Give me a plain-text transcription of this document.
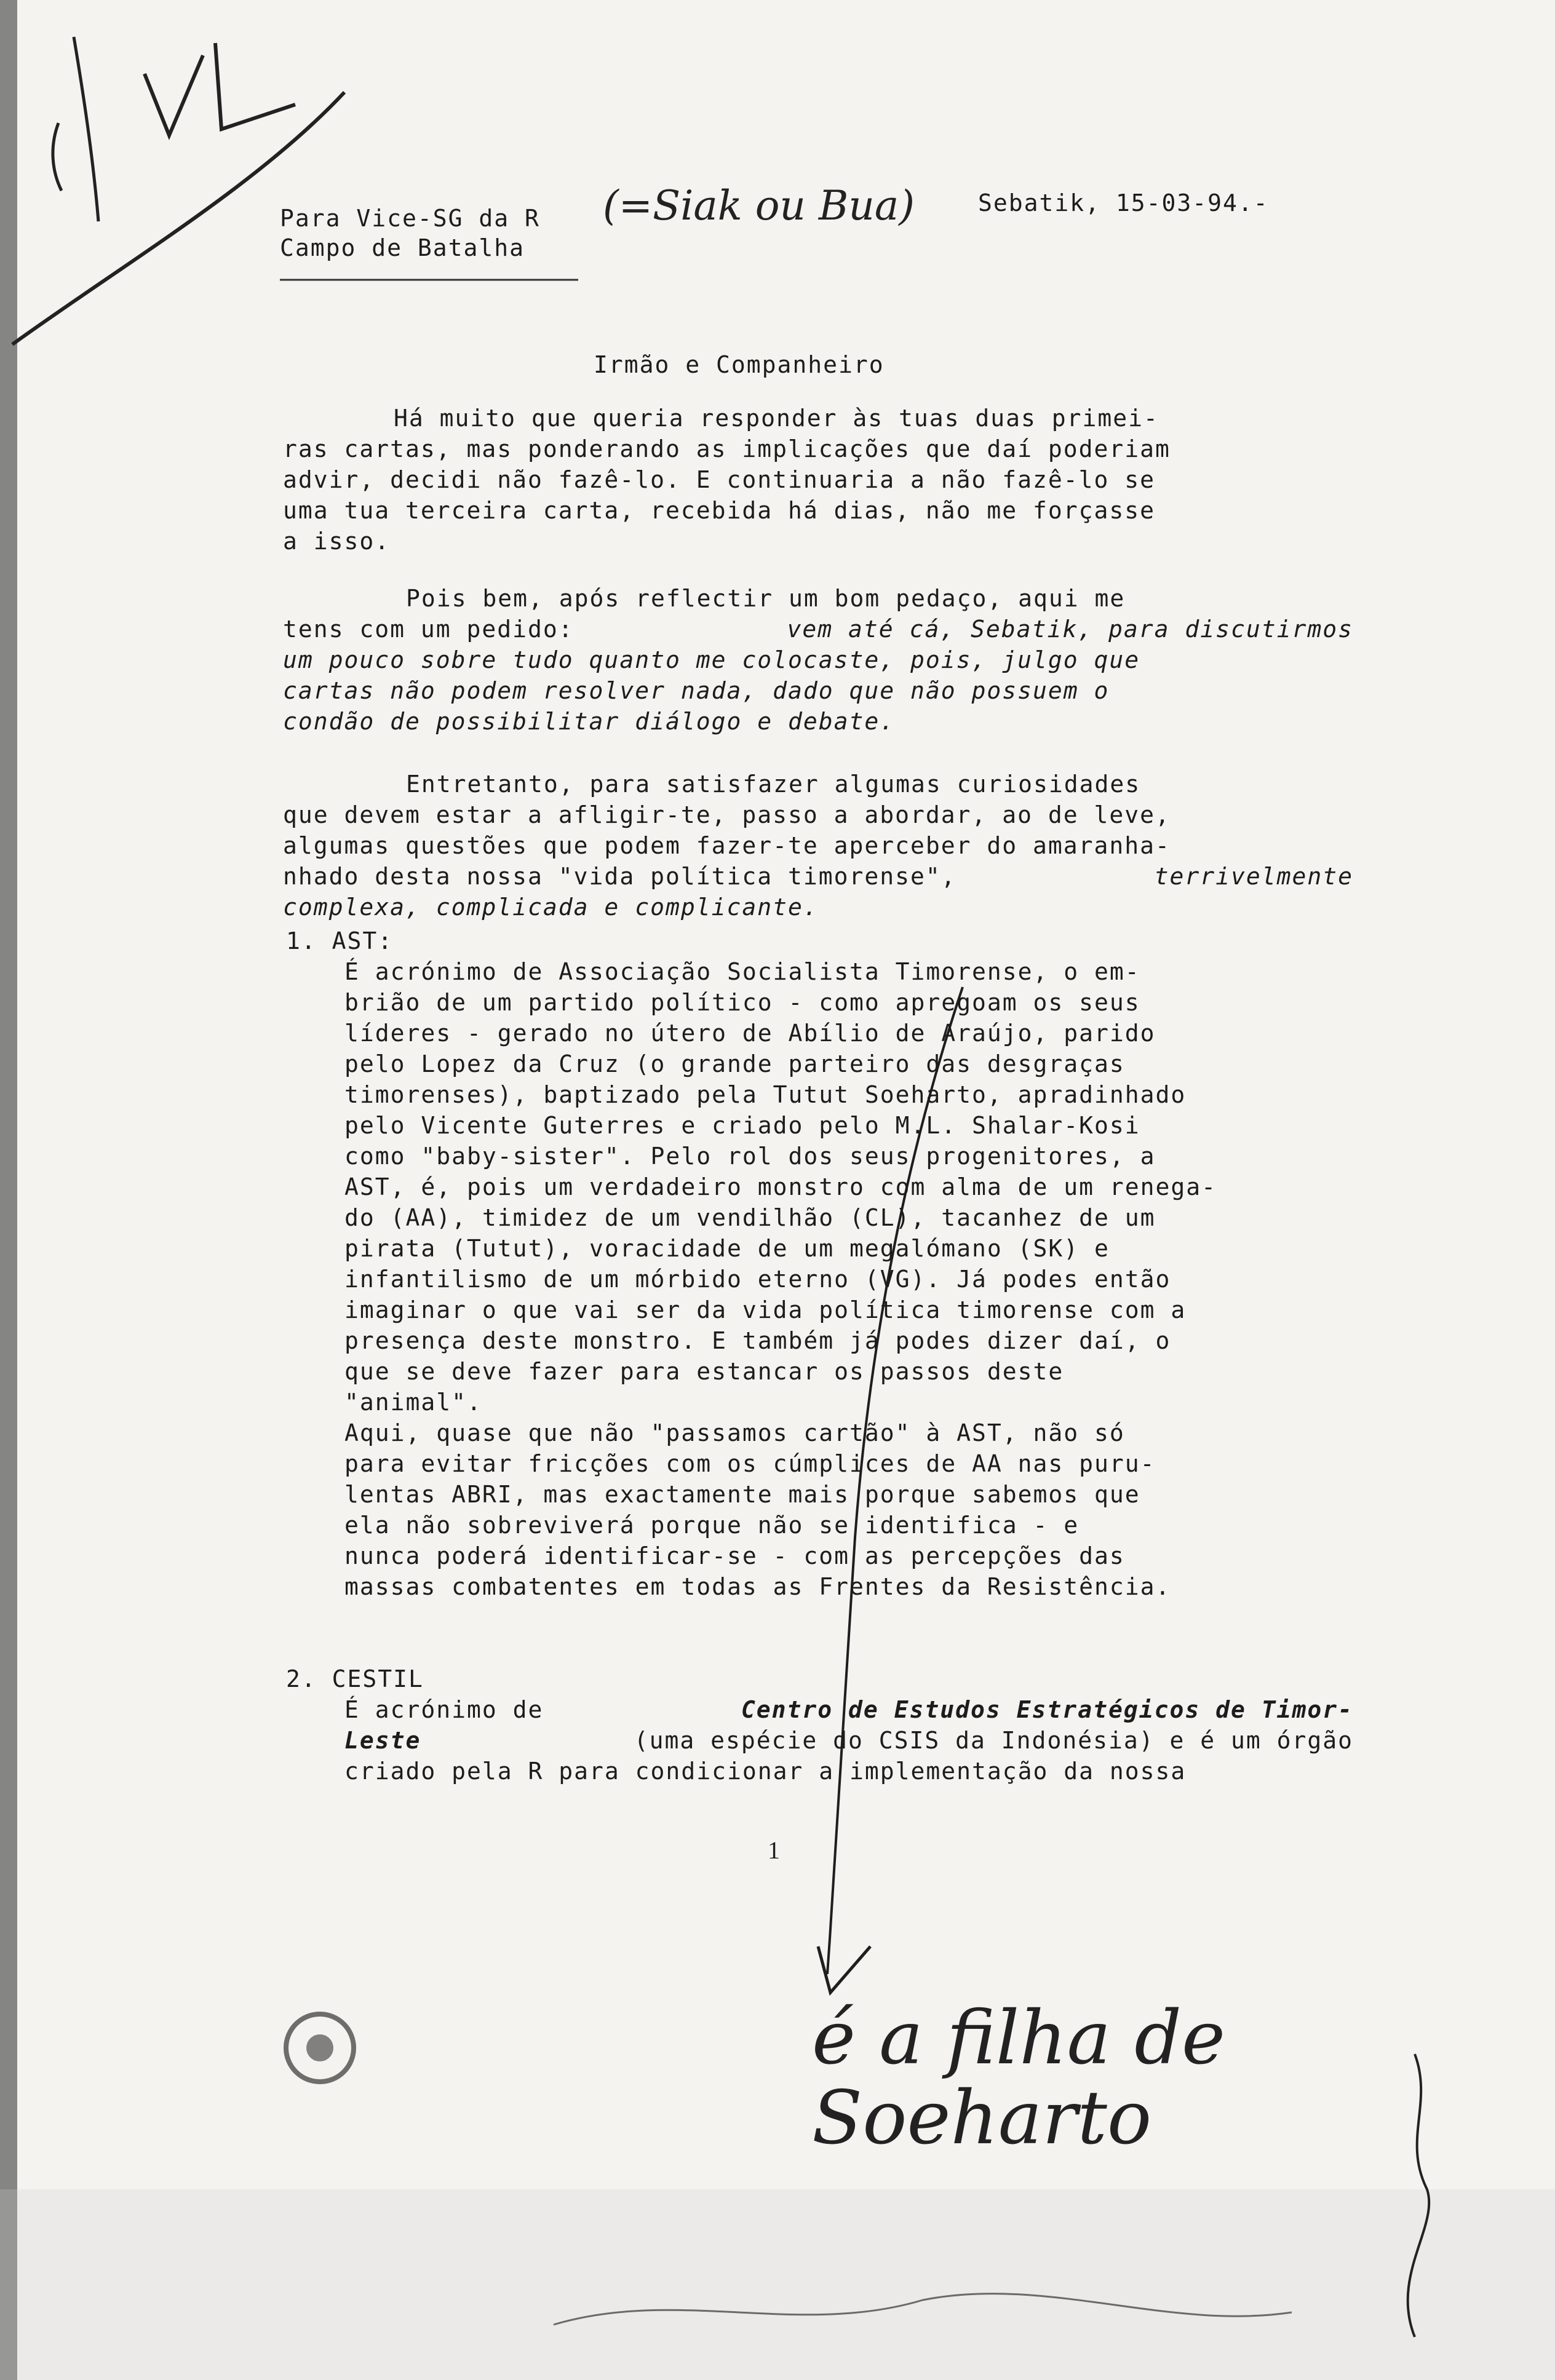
(=Siak ou Bua)
é a filha de Soeharto
Para Vice-SG da R
Campo de Batalha
Sebatik, 15-03-94.-
Irmão e Companheiro
Há muito que queria responder às tuas duas primei-
ras cartas, mas ponderando as implicações que daí poderiam
advir, decidi não fazê-lo. E continuaria a não fazê-lo se
uma tua terceira carta, recebida há dias, não me forçasse
a isso.
Pois bem, após reflectir um bom pedaço, aqui me
tens com um pedido:	vem até cá, Sebatik, para discutirmos
um pouco sobre tudo quanto me colocaste, pois, julgo que
cartas não podem resolver nada, dado que não possuem o
condão de possibilitar diálogo e debate.
Entretanto, para satisfazer algumas curiosidades
que devem estar a afligir-te, passo a abordar, ao de leve,
algumas questões que podem fazer-te aperceber do amaranha-
nhado desta nossa "vida política timorense",	terrivelmente
complexa, complicada e complicante.
1. AST:
É acrónimo de Associação Socialista Timorense, o em-
brião de um partido político - como apregoam os seus
líderes - gerado no útero de Abílio de Araújo, parido
pelo Lopez da Cruz (o grande parteiro das desgraças
timorenses), baptizado pela Tutut Soeharto, apradinhado
pelo Vicente Guterres e criado pelo M.L. Shalar-Kosi
como "baby-sister". Pelo rol dos seus progenitores, a
AST, é, pois um verdadeiro monstro com alma de um renega-
do (AA), timidez de um vendilhão (CL), tacanhez de um
pirata (Tutut), voracidade de um megalómano (SK) e
infantilismo de um mórbido eterno (VG). Já podes então
imaginar o que vai ser da vida política timorense com a
presença deste monstro. E também já podes dizer daí, o
que se deve fazer para estancar os passos deste
"animal".
Aqui, quase que não "passamos cartão" à AST, não só
para evitar fricções com os cúmplices de AA nas puru-
lentas ABRI, mas exactamente mais porque sabemos que
ela não sobreviverá porque não se identifica - e
nunca poderá identificar-se - com as percepções das
massas combatentes em todas as Frentes da Resistência.
2. CESTIL
É acrónimo de	Centro de Estudos Estratégicos de Timor-
Leste	(uma espécie do CSIS da Indonésia) e é um órgão
criado pela R para condicionar a implementação da nossa
1
